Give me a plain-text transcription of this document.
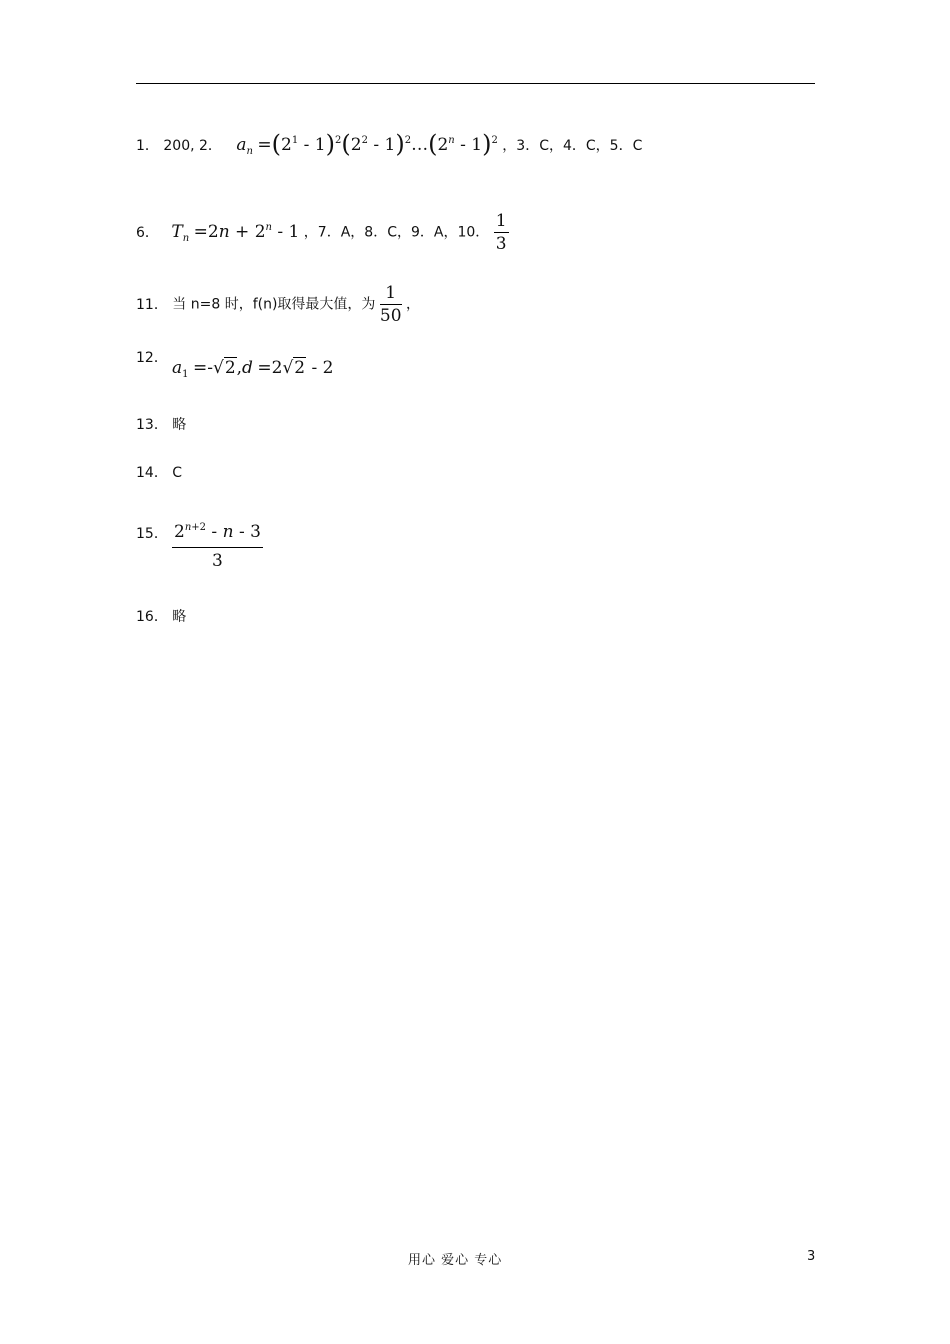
1． 200, 2． $a_n =(2^1 - 1)^2(2^2$ - 1)$^2$…(2$^n$ - 1)$^2$ ，3．C，4．C，5．C
6． $T_n =2n + 2^n - 1$ ，7．A，8．C，9．A，10． $\frac{1}{3}$
11． 当 n=8 时，f(n)取得最大值，为 $\frac{1}{50}$ ，
12． $a_1 =-√2,d =2√2 - 2$
13． 略
14． C
15． $2^{n+2}$ - n - 3
3
16． 略
用心 爱心 专心	3
